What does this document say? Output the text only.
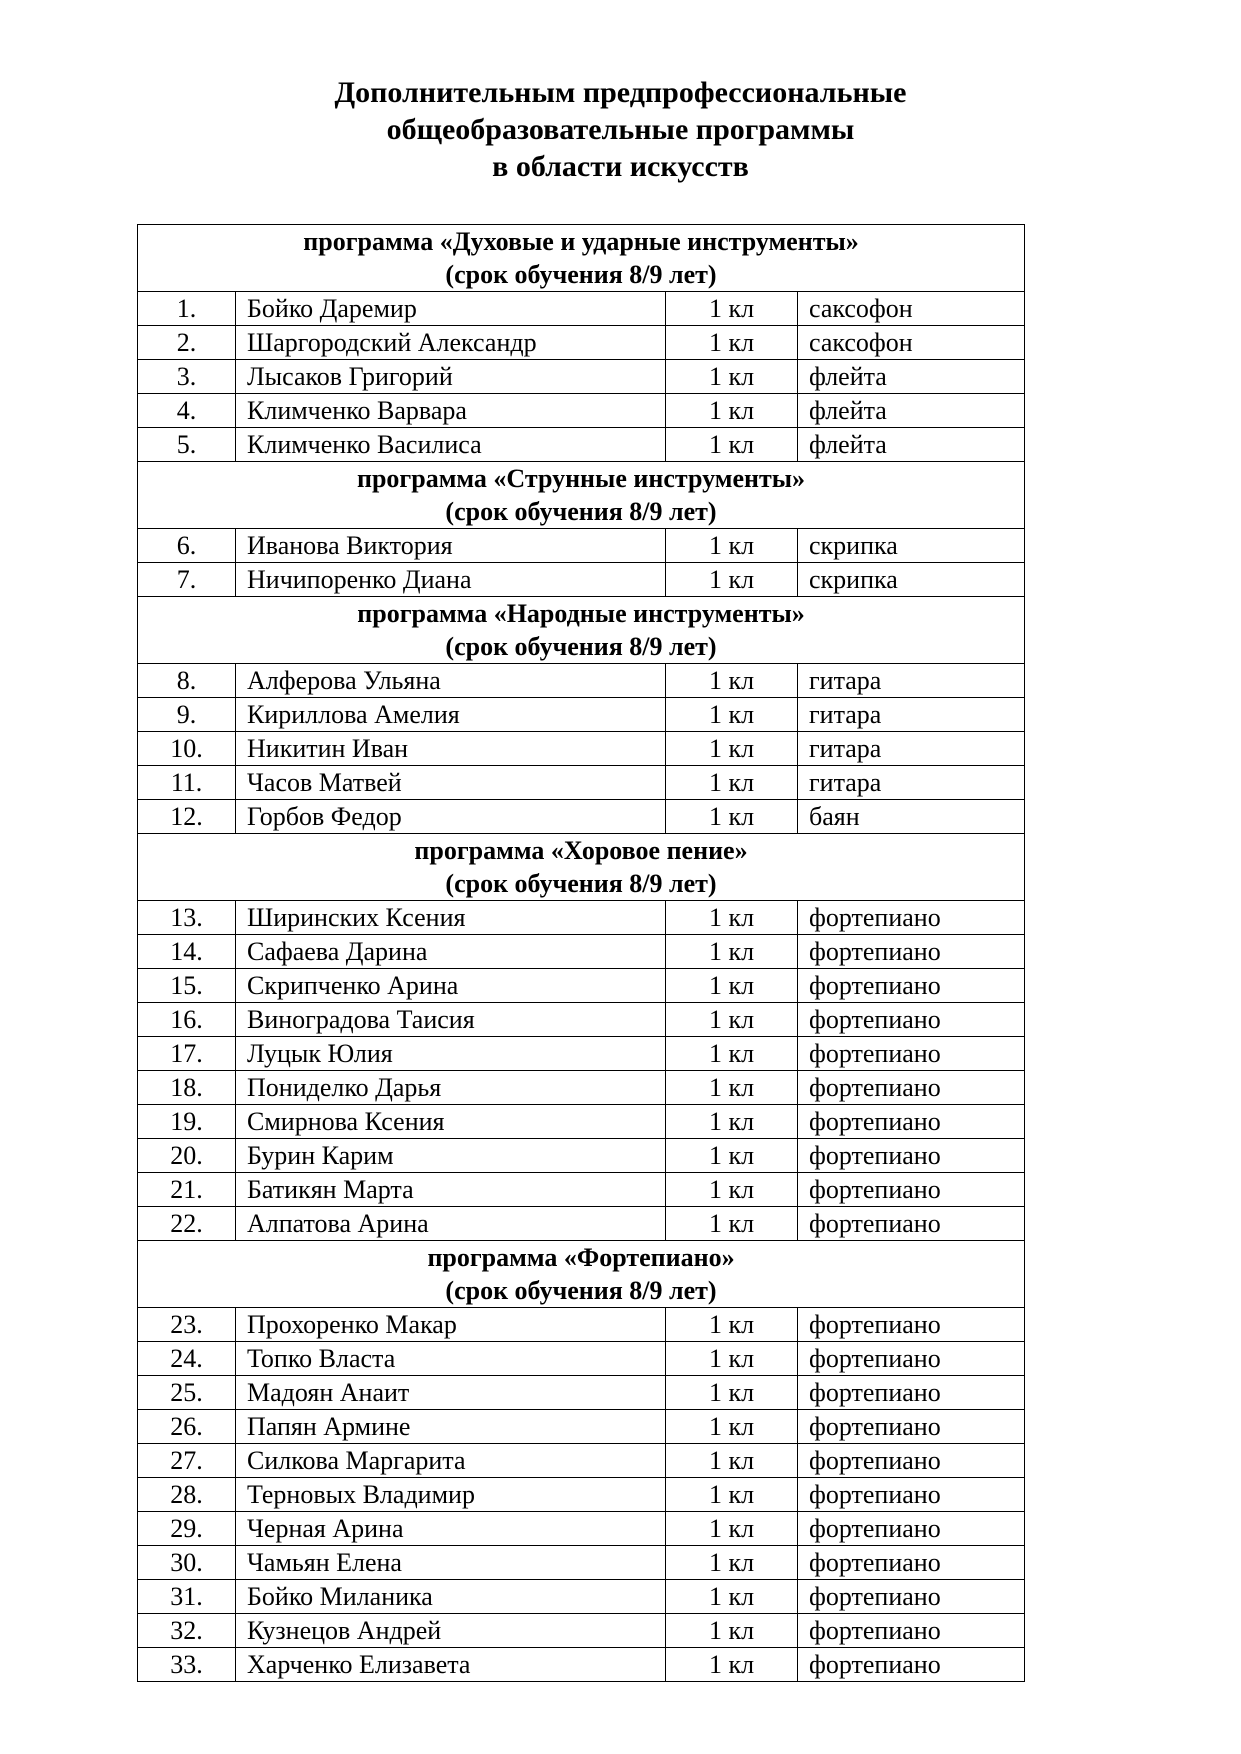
Дополнительным предпрофессиональные
общеобразовательные программы
в области искусств
программа «Духовые и ударные инструменты»
(срок обучения 8/9 лет)			

1.	Бойко Даремир	1 кл	саксофон
2.	Шаргородский Александр	1 кл	саксофон
3.	Лысаков Григорий	1 кл	флейта
4.	Климченко Варвара	1 кл	флейта
5.	Климченко Василиса	1 кл	флейта

программа «Струнные инструменты»
(срок обучения 8/9 лет)			

6.	Иванова Виктория	1 кл	скрипка
7.	Ничипоренко Диана	1 кл	скрипка

программа «Народные инструменты»
(срок обучения 8/9 лет)			

8.	Алферова Ульяна	1 кл	гитара
9.	Кириллова Амелия	1 кл	гитара
10.	Никитин Иван	1 кл	гитара
11.	Часов Матвей	1 кл	гитара
12.	Горбов Федор	1 кл	баян

программа «Хоровое пение»
(срок обучения 8/9 лет)			

13.	Ширинских Ксения	1 кл	фортепиано
14.	Сафаева Дарина	1 кл	фортепиано
15.	Скрипченко Арина	1 кл	фортепиано
16.	Виноградова Таисия	1 кл	фортепиано
17.	Луцык Юлия	1 кл	фортепиано
18.	Пониделко Дарья	1 кл	фортепиано
19.	Смирнова Ксения	1 кл	фортепиано
20.	Бурин Карим	1 кл	фортепиано
21.	Батикян Марта	1 кл	фортепиано
22.	Алпатова Арина	1 кл	фортепиано

программа «Фортепиано»
(срок обучения 8/9 лет)			

23.	Прохоренко Макар	1 кл	фортепиано
24.	Топко Власта	1 кл	фортепиано
25.	Мадоян Анаит	1 кл	фортепиано
26.	Папян Армине	1 кл	фортепиано
27.	Силкова Маргарита	1 кл	фортепиано
28.	Терновых Владимир	1 кл	фортепиано
29.	Черная Арина	1 кл	фортепиано
30.	Чамьян Елена	1 кл	фортепиано
31.	Бойко Миланика	1 кл	фортепиано
32.	Кузнецов Андрей	1 кл	фортепиано
33.	Харченко Елизавета	1 кл	фортепиано
